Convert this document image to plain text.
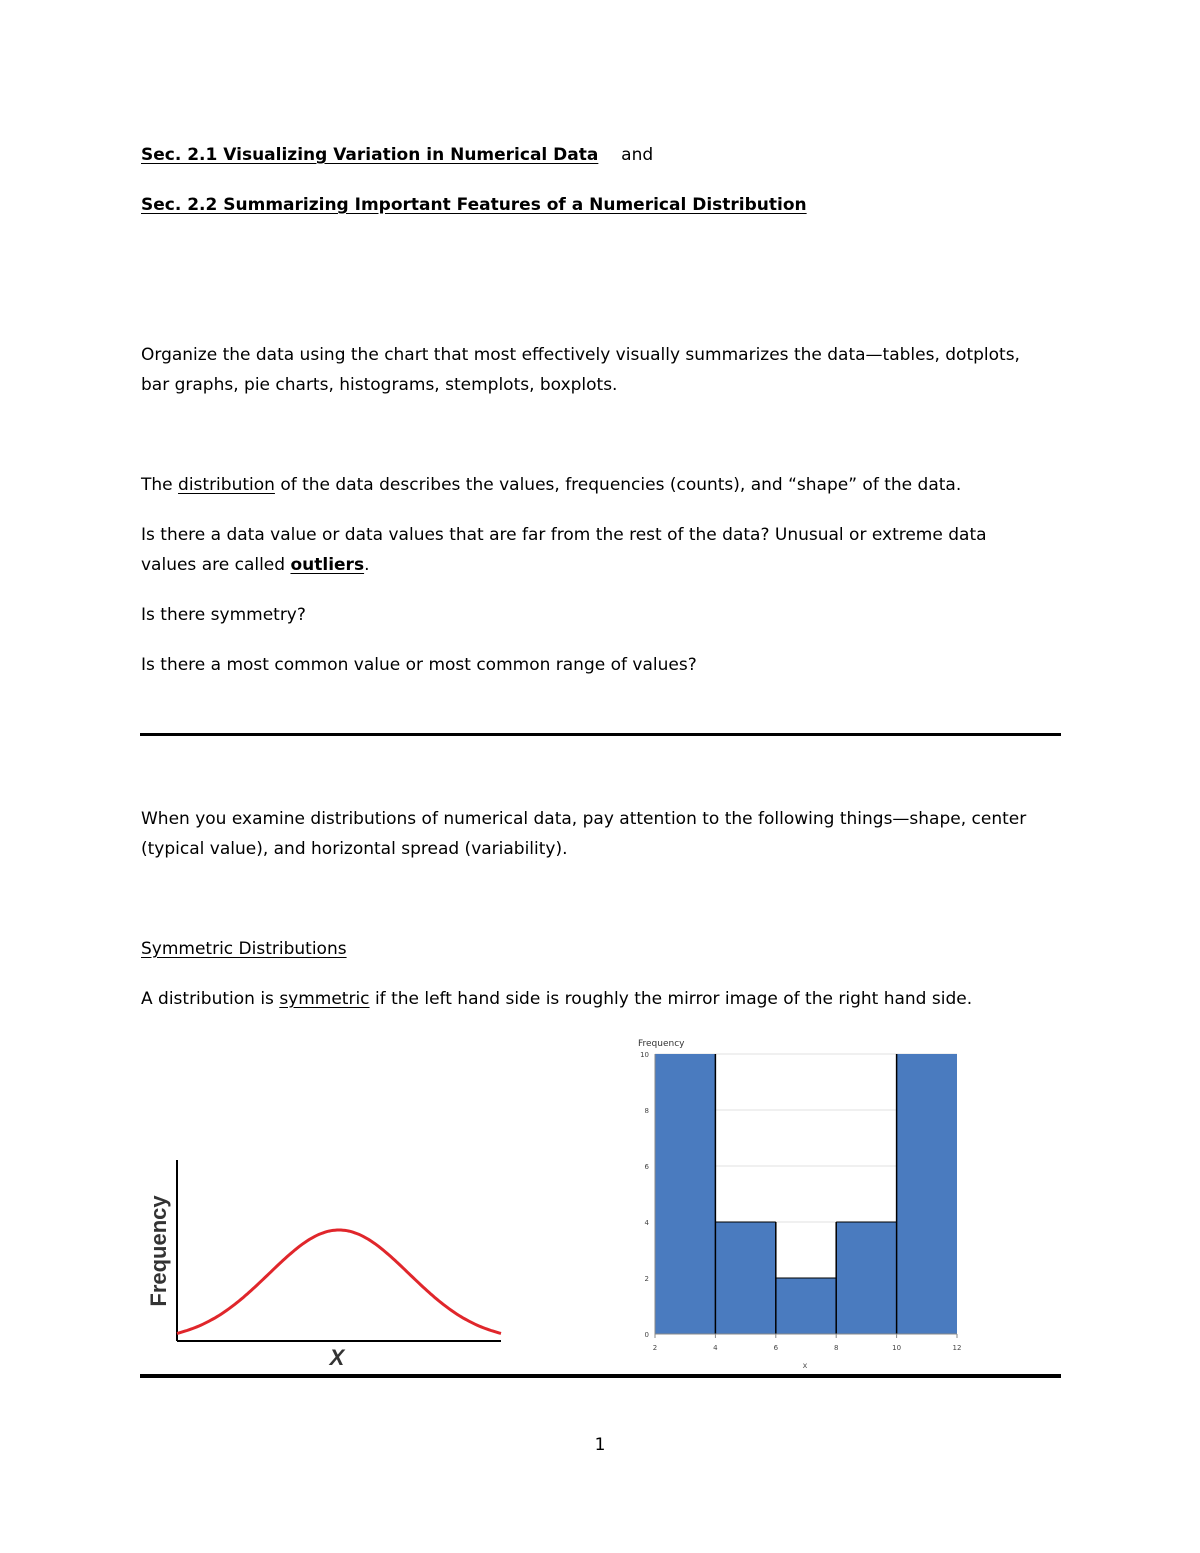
Sec. 2.1 Visualizing Variation in Numerical Data and
Sec. 2.2 Summarizing Important Features of a Numerical Distribution
Organize the data using the chart that most effectively visually summarizes the data—tables, dotplots,
bar graphs, pie charts, histograms, stemplots, boxplots.
The distribution of the data describes the values, frequencies (counts), and “shape” of the data.
Is there a data value or data values that are far from the rest of the data? Unusual or extreme data
values are called outliers.
Is there symmetry?
Is there a most common value or most common range of values?
When you examine distributions of numerical data, pay attention to the following things—shape, center
(typical value), and horizontal spread (variability).
Symmetric Distributions
A distribution is symmetric if the left hand side is roughly the mirror image of the right hand side.
Frequency
X
Frequency
0
2
4
6
8
10
2	4	6	8	10	12
x
1
